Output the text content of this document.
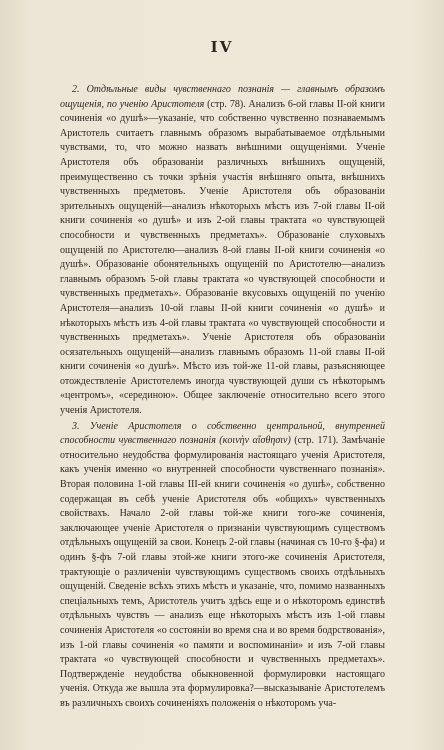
IV

2. Отдѣльные виды чувственнаго познанія — главнымъ образомъ ощущенія, по ученію Аристотеля (стр. 78). Анализъ 6-ой главы II-ой книги сочиненія «о душѣ»—указаніе, что собственно чувственно познаваемымъ Аристотель считаетъ главнымъ образомъ вырабатываемое отдѣльными чувствами, то, что можно назвать внѣшними ощущеніями. Ученіе Аристотеля объ образованіи различныхъ внѣшнихъ ощущеній, преимущественно съ точки зрѣнія участія внѣшняго опыта, внѣшнихъ чувственныхъ предметовъ. Ученіе Аристотеля объ образованіи зрительныхъ ощущеній—анализъ нѣкоторыхъ мѣстъ изъ 7-ой главы II-ой книги сочиненія «о душѣ» и изъ 2-ой главы трактата «о чувствующей способности и чувственныхъ предметахъ». Образованіе слуховыхъ ощущеній по Аристотелю—анализъ 8-ой главы II-ой книги сочиненія «о душѣ». Образованіе обонятельныхъ ощущеній по Аристотелю—анализъ главнымъ образомъ 5-ой главы трактата «о чувствующей способности и чувственныхъ предметахъ». Образованіе вкусовыхъ ощущеній по ученію Аристотеля—анализъ 10-ой главы II-ой книги сочиненія «о душѣ» и нѣкоторыхъ мѣстъ изъ 4-ой главы трактата «о чувствующей способности и чувственныхъ предметахъ». Ученіе Аристотеля объ образованіи осязательныхъ ощущеній—анализъ главнымъ образомъ 11-ой главы II-ой книги сочиненія «о душѣ». Мѣсто изъ той-же 11-ой главы, разъясняющее отождествленіе Аристотелемъ иногда чувствующей души съ нѣкоторымъ «центромъ», «серединою». Общее заключеніе относительно всего этого ученія Аристотеля.

3. Ученіе Аристотеля о собственно центральной, внутренней способности чувственнаго познанія (κοινὴν αἴσθησιν) (стр. 171). Замѣчаніе относительно неудобства формулированія настоящаго ученія Аристотеля, какъ ученія именно «о внутренней способности чувственнаго познанія». Вторая половина 1-ой главы III-ей книги сочиненія «о душѣ», собственно содержащая въ себѣ ученіе Аристотеля объ «общихъ» чувственныхъ свойствахъ. Начало 2-ой главы той-же книги того-же сочиненія, заключающее ученіе Аристотеля о признаніи чувствующимъ существомъ отдѣльныхъ ощущеній за свои. Конецъ 2-ой главы (начиная съ 10-го §-фа) и одинъ §-фъ 7-ой главы этой-же книги этого-же сочиненія Аристотеля, трактующіе о различеніи чувствующимъ существомъ своихъ отдѣльныхъ ощущеній. Сведеніе всѣхъ этихъ мѣстъ и указаніе, что, помимо названныхъ спеціальныхъ темъ, Аристотель учитъ здѣсь еще и о нѣкоторомъ единствѣ отдѣльныхъ чувствъ — анализъ еще нѣкоторыхъ мѣстъ изъ 1-ой главы сочиненія Аристотеля «о состояніи во время сна и во время бодрствованія», изъ 1-ой главы сочиненія «о памяти и воспоминаніи» и изъ 7-ой главы трактата «о чувствующей способности и чувственныхъ предметахъ». Подтвержденіе неудобства обыкновенной формулировки настоящаго ученія. Откуда же вышла эта формулировка?—высказываніе Аристотелемъ въ различныхъ своихъ сочиненіяхъ положенія о нѣкоторомъ уча-
